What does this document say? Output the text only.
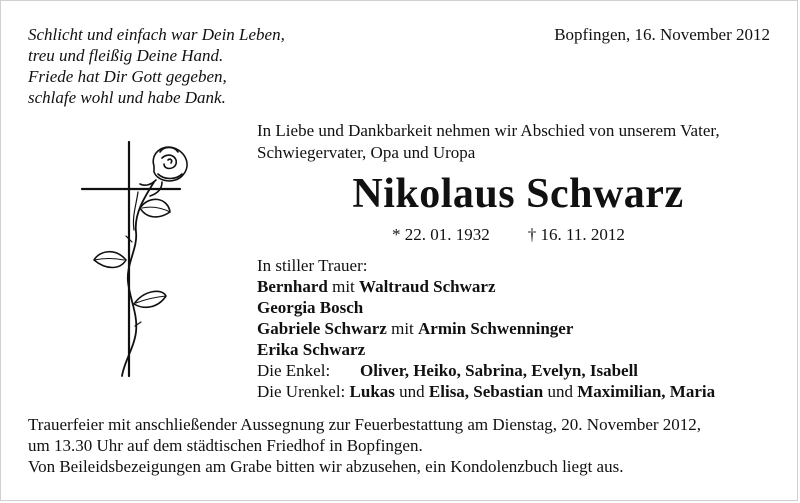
Schlicht und einfach war Dein Leben,
treu und fleißig Deine Hand.
Friede hat Dir Gott gegeben,
schlafe wohl und habe Dank.
Bopfingen, 16. November 2012
In Liebe und Dankbarkeit nehmen wir Abschied von unserem Vater,
Schwiegervater, Opa und Uropa
Nikolaus Schwarz
* 22. 01. 1932 † 16. 11. 2012
In stiller Trauer:
Bernhard mit Waltraud Schwarz
Georgia Bosch
Gabriele Schwarz mit Armin Schwenninger
Erika Schwarz
Die Enkel: Oliver, Heiko, Sabrina, Evelyn, Isabell
Die Urenkel: Lukas und Elisa, Sebastian und Maximilian, Maria
Trauerfeier mit anschließender Aussegnung zur Feuerbestattung am Dienstag, 20. November 2012,
um 13.30 Uhr auf dem städtischen Friedhof in Bopfingen.
Von Beileidsbezeigungen am Grabe bitten wir abzusehen, ein Kondolenzbuch liegt aus.
